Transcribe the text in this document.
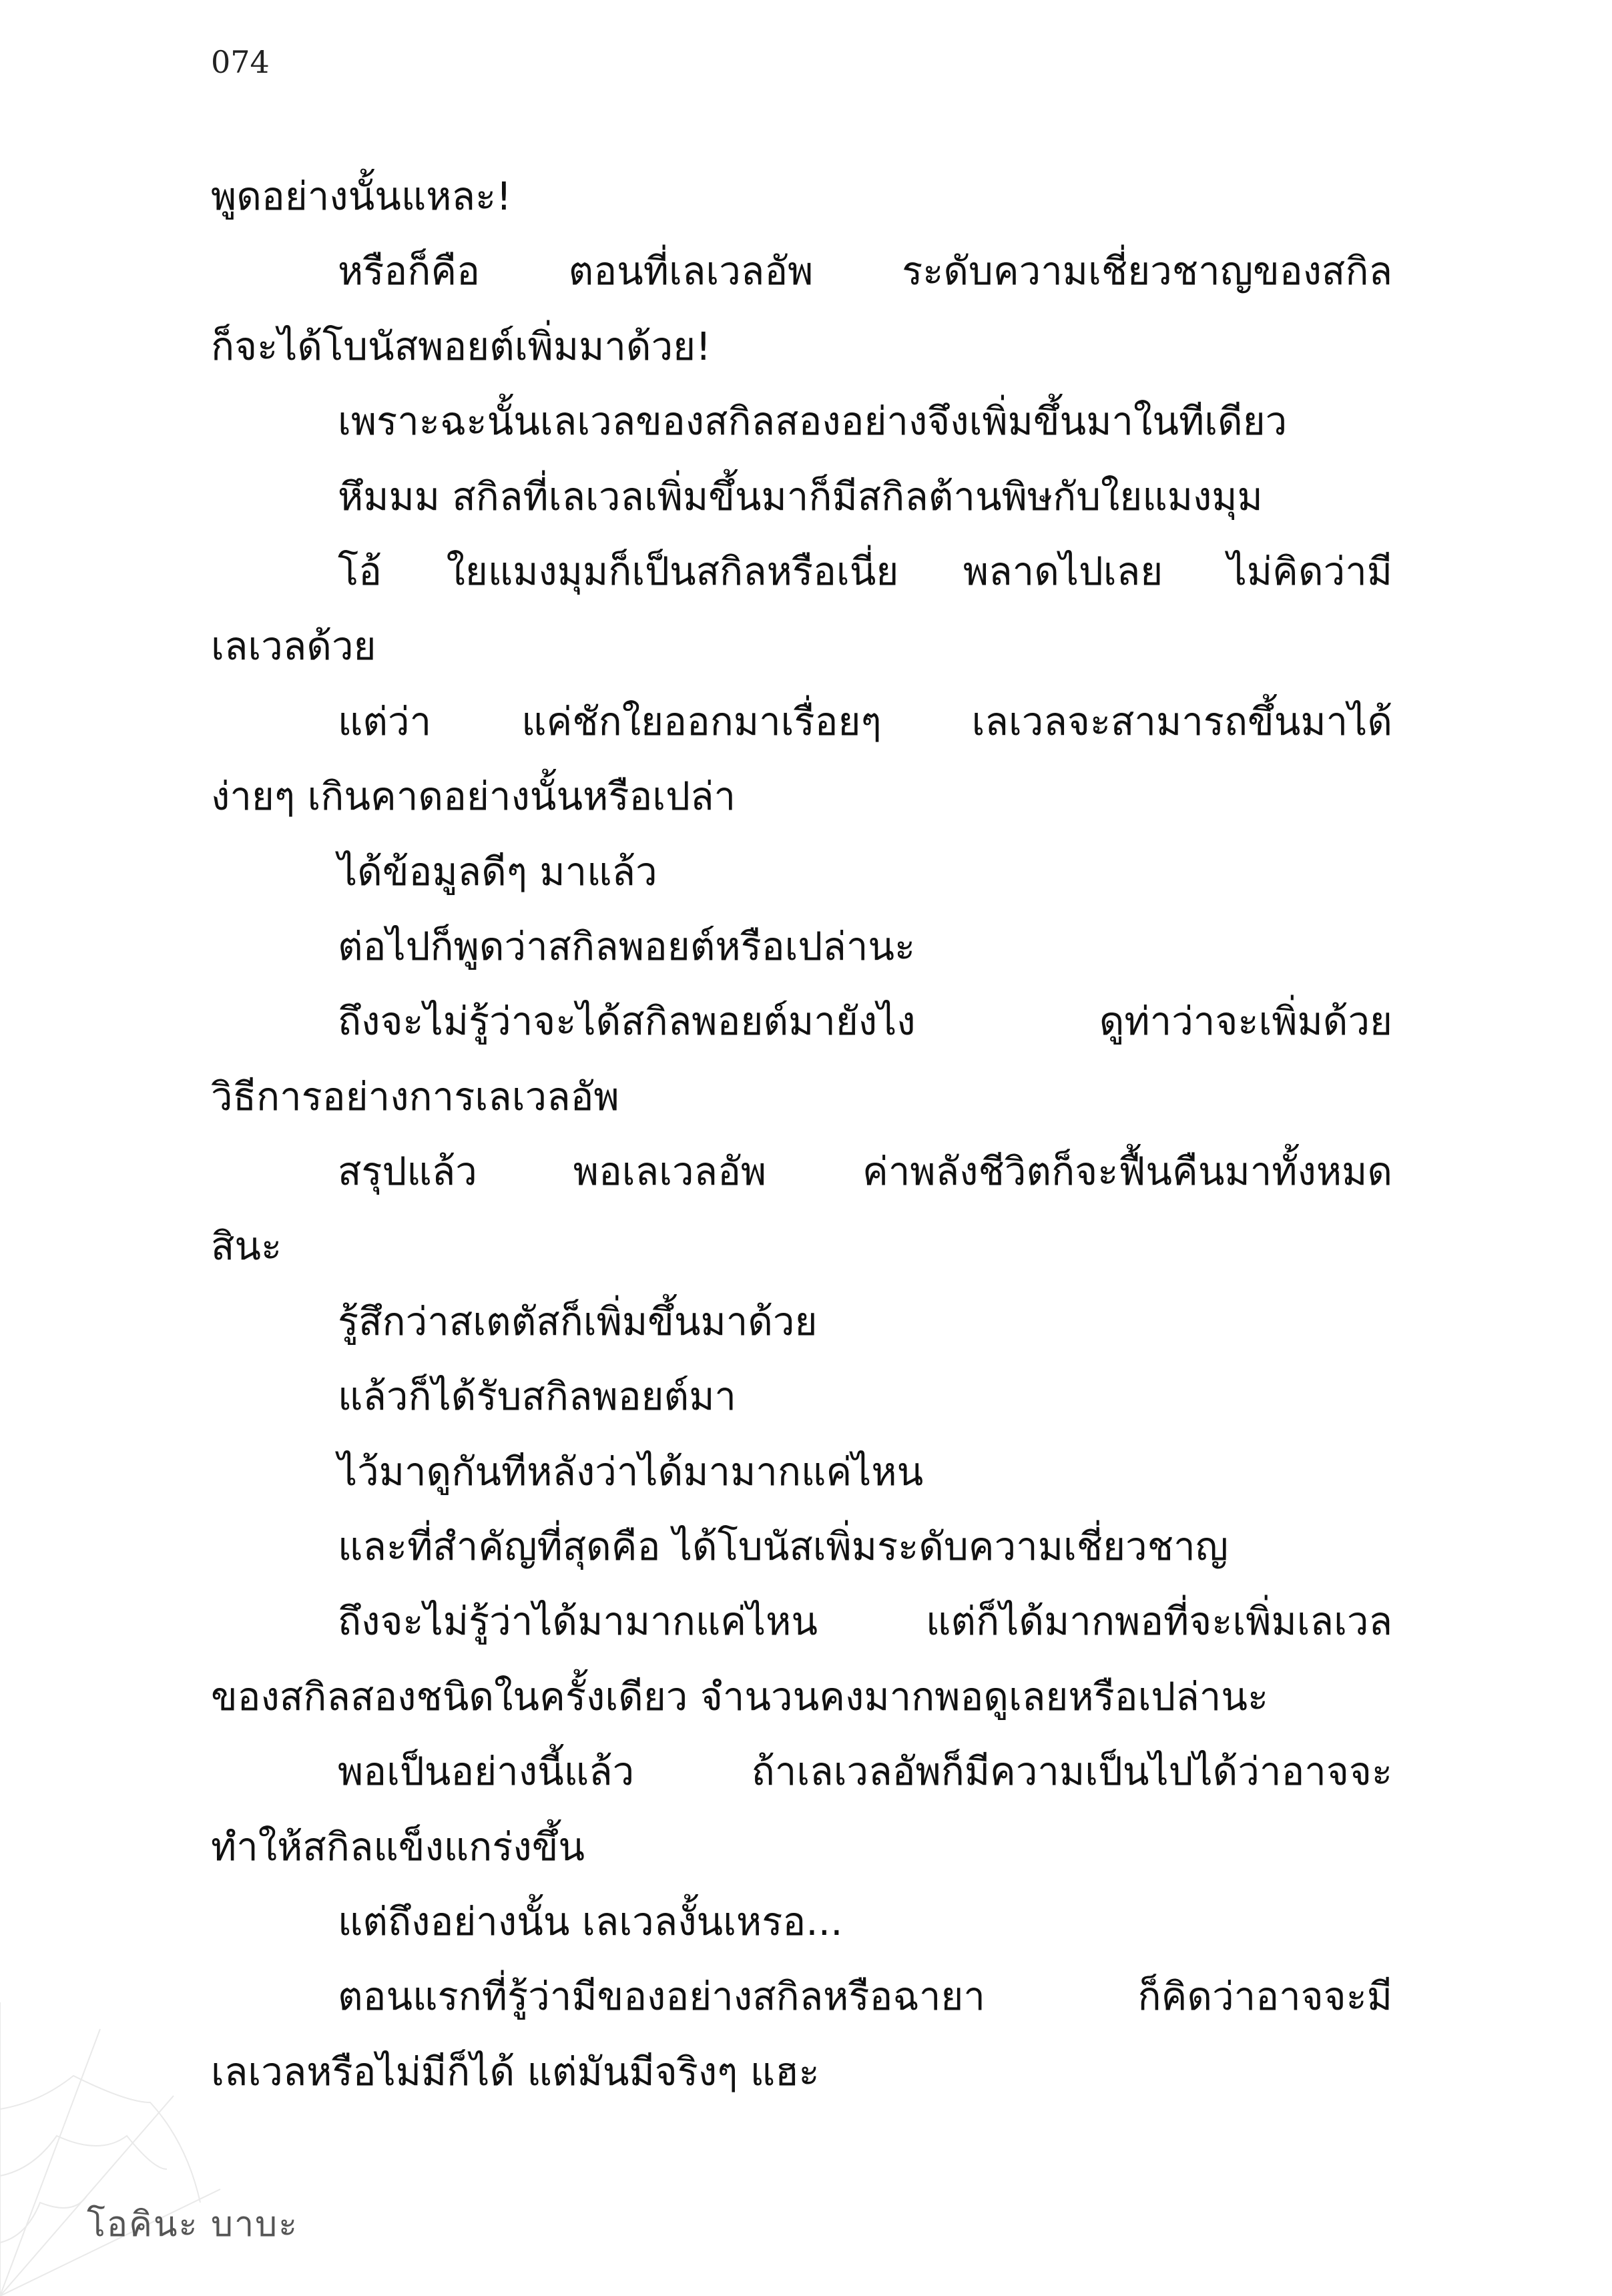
074
พูดอย่างนั้นแหละ!
หรือก็คือ ตอนที่เลเวลอัพ ระดับความเชี่ยวชาญของสกิล
ก็จะได้โบนัสพอยต์เพิ่มมาด้วย!
เพราะฉะนั้นเลเวลของสกิลสองอย่างจึงเพิ่มขึ้นมาในทีเดียว
หึมมม สกิลที่เลเวลเพิ่มขึ้นมาก็มีสกิลต้านพิษกับใยแมงมุม
โอ้ ใยแมงมุมก็เป็นสกิลหรือเนี่ย พลาดไปเลย ไม่คิดว่ามี
เลเวลด้วย
แต่ว่า แค่ชักใยออกมาเรื่อยๆ เลเวลจะสามารถขึ้นมาได้
ง่ายๆ เกินคาดอย่างนั้นหรือเปล่า
ได้ข้อมูลดีๆ มาแล้ว
ต่อไปก็พูดว่าสกิลพอยต์หรือเปล่านะ
ถึงจะไม่รู้ว่าจะได้สกิลพอยต์มายังไง ดูท่าว่าจะเพิ่มด้วย
วิธีการอย่างการเลเวลอัพ
สรุปแล้ว พอเลเวลอัพ ค่าพลังชีวิตก็จะฟื้นคืนมาทั้งหมด
สินะ
รู้สึกว่าสเตตัสก็เพิ่มขึ้นมาด้วย
แล้วก็ได้รับสกิลพอยต์มา
ไว้มาดูกันทีหลังว่าได้มามากแค่ไหน
และที่สำคัญที่สุดคือ ได้โบนัสเพิ่มระดับความเชี่ยวชาญ
ถึงจะไม่รู้ว่าได้มามากแค่ไหน แต่ก็ได้มากพอที่จะเพิ่มเลเวล
ของสกิลสองชนิดในครั้งเดียว จำนวนคงมากพอดูเลยหรือเปล่านะ
พอเป็นอย่างนี้แล้ว ถ้าเลเวลอัพก็มีความเป็นไปได้ว่าอาจจะ
ทำให้สกิลแข็งแกร่งขึ้น
แต่ถึงอย่างนั้น เลเวลงั้นเหรอ...
ตอนแรกที่รู้ว่ามีของอย่างสกิลหรือฉายา ก็คิดว่าอาจจะมี
เลเวลหรือไม่มีก็ได้ แต่มันมีจริงๆ แฮะ
โอคินะ บาบะ
